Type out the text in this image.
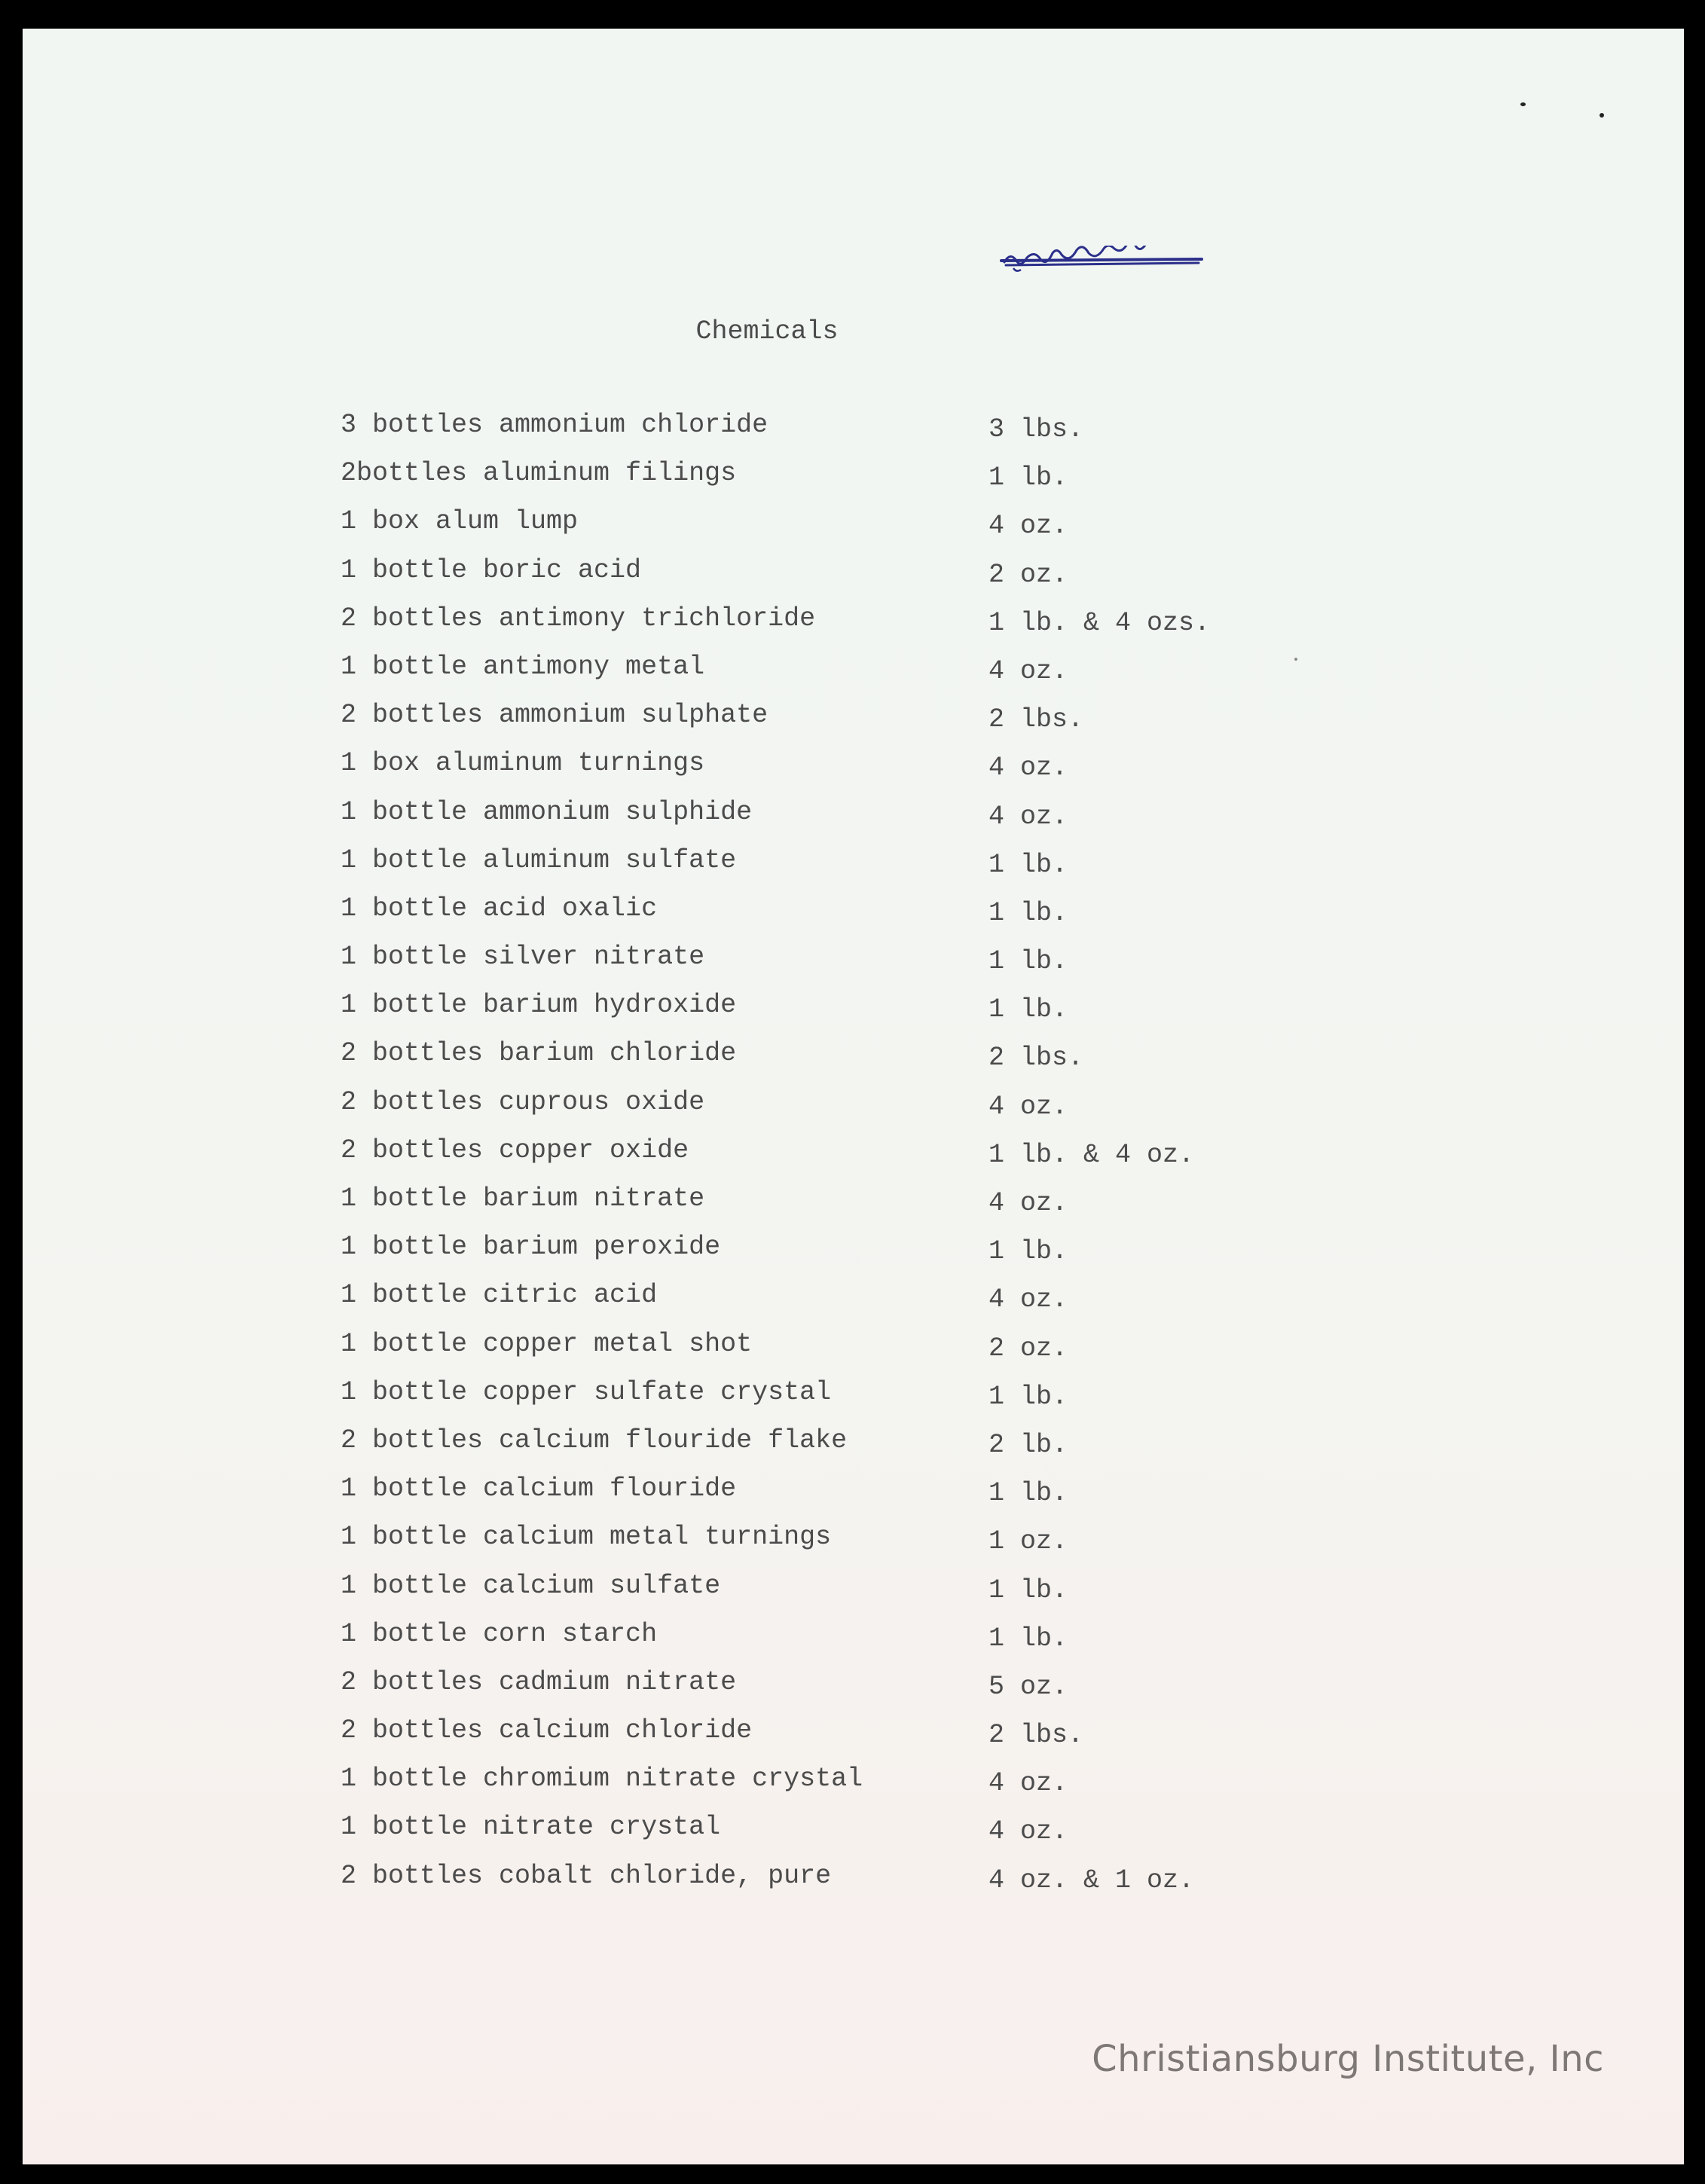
Chemicals
3 bottles ammonium chloride	3 lbs.
2bottles aluminum filings	1 lb.
1 box alum lump	4 oz.
1 bottle boric acid	2 oz.
2 bottles antimony trichloride	1 lb. & 4 ozs.
1 bottle antimony metal	4 oz.
2 bottles ammonium sulphate	2 lbs.
1 box aluminum turnings	4 oz.
1 bottle ammonium sulphide	4 oz.
1 bottle aluminum sulfate	1 lb.
1 bottle acid oxalic	1 lb.
1 bottle silver nitrate	1 lb.
1 bottle barium hydroxide	1 lb.
2 bottles barium chloride	2 lbs.
2 bottles cuprous oxide	4 oz.
2 bottles copper oxide	1 lb. & 4 oz.
1 bottle barium nitrate	4 oz.
1 bottle barium peroxide	1 lb.
1 bottle citric acid	4 oz.
1 bottle copper metal shot	2 oz.
1 bottle copper sulfate crystal	1 lb.
2 bottles calcium flouride flake	2 lb.
1 bottle calcium flouride	1 lb.
1 bottle calcium metal turnings	1 oz.
1 bottle calcium sulfate	1 lb.
1 bottle corn starch	1 lb.
2 bottles cadmium nitrate	5 oz.
2 bottles calcium chloride	2 lbs.
1 bottle chromium nitrate crystal	4 oz.
1 bottle nitrate crystal	4 oz.
2 bottles cobalt chloride, pure	4 oz. & 1 oz.
Christiansburg Institute, Inc
